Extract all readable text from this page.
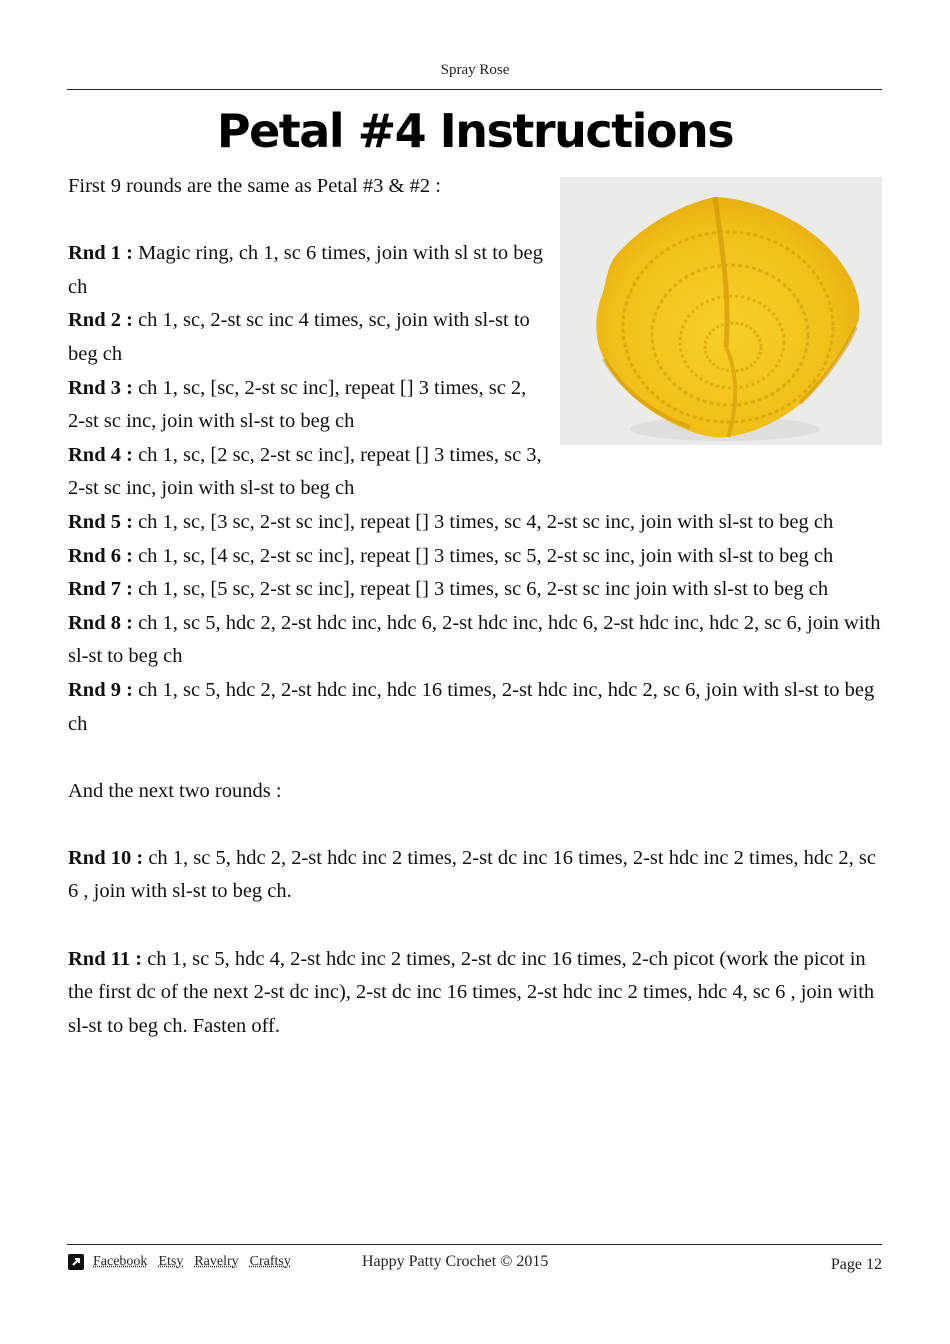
Spray Rose
Petal #4 Instructions

First 9 rounds are the same as Petal #3 & #2 :

Rnd 1 : Magic ring, ch 1, sc 6 times, join with sl st to beg ch

Rnd 2 : ch 1, sc, 2-st sc inc 4 times, sc, join with sl-st to beg ch

Rnd 3 : ch 1, sc, [sc, 2-st sc inc], repeat [] 3 times, sc 2, 2-st sc inc, join with sl-st to beg ch

Rnd 4 : ch 1, sc, [2 sc, 2-st sc inc], repeat [] 3 times, sc 3, 2-st sc inc, join with sl-st to beg ch

Rnd 5 : ch 1, sc, [3 sc, 2-st sc inc], repeat [] 3 times, sc 4, 2-st sc inc, join with sl-st to beg ch

Rnd 6 : ch 1, sc, [4 sc, 2-st sc inc], repeat [] 3 times, sc 5, 2-st sc inc, join with sl-st to beg ch

Rnd 7 : ch 1, sc, [5 sc, 2-st sc inc], repeat [] 3 times, sc 6, 2-st sc inc join with sl-st to beg ch

Rnd 8 : ch 1, sc 5, hdc 2, 2-st hdc inc, hdc 6, 2-st hdc inc, hdc 6, 2-st hdc inc, hdc 2, sc 6, join with sl-st to beg ch

Rnd 9 : ch 1, sc 5, hdc 2, 2-st hdc inc, hdc 16 times, 2-st hdc inc, hdc 2, sc 6, join with sl-st to beg ch

And the next two rounds :

Rnd 10 : ch 1, sc 5, hdc 2, 2-st hdc inc 2 times, 2-st dc inc 16 times, 2-st hdc inc 2 times, hdc 2, sc 6 , join with sl-st to beg ch.

Rnd 11 : ch 1, sc 5, hdc 4, 2-st hdc inc 2 times, 2-st dc inc 16 times, 2-ch picot (work the picot in the first dc of the next 2-st dc inc), 2-st dc inc 16 times, 2-st hdc inc 2 times, hdc 4, sc 6 , join with sl-st to beg ch. Fasten off.

Facebook Etsy Ravelry Craftsy	Happy Patty Crochet © 2015	Page 12
